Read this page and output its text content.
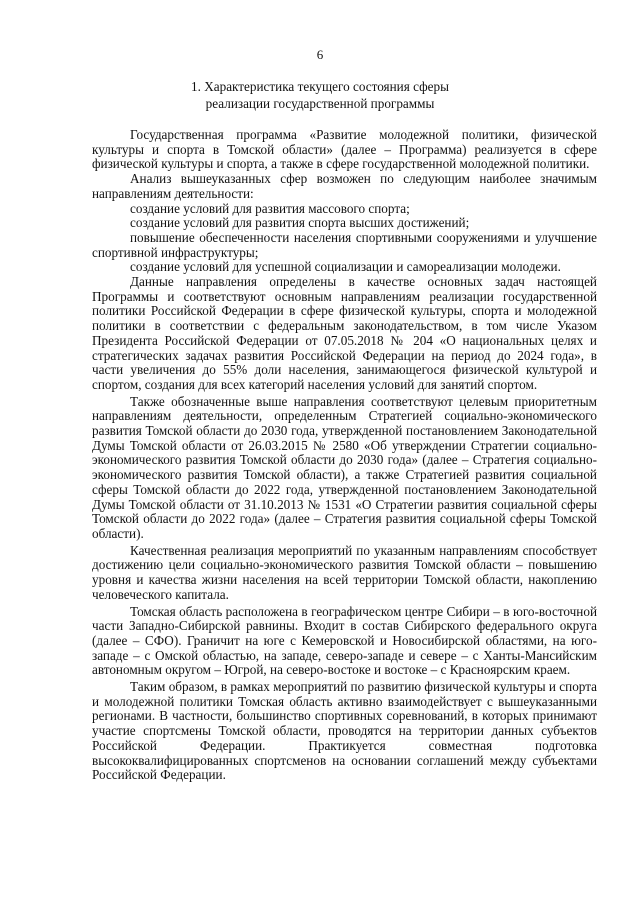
6
1. Характеристика текущего состояния сферы
реализации государственной программы

Государственная программа «Развитие молодежной политики, физической культуры и спорта в Томской области» (далее – Программа) реализуется в сфере физической культуры и спорта, а также в сфере государственной молодежной политики.

Анализ вышеуказанных сфер возможен по следующим наиболее значимым направлениям деятельности:

создание условий для развития массового спорта;

создание условий для развития спорта высших достижений;

повышение обеспеченности населения спортивными сооружениями и улучшение спортивной инфраструктуры;

создание условий для успешной социализации и самореализации молодежи.

Данные направления определены в качестве основных задач настоящей Программы и соответствуют основным направлениям реализации государственной политики Российской Федерации в сфере физической культуры, спорта и молодежной политики в соответствии с федеральным законодательством, в том числе Указом Президента Российской Федерации от 07.05.2018 № 204 «О национальных целях и стратегических задачах развития Российской Федерации на период до 2024 года», в части увеличения до 55% доли населения, занимающегося физической культурой и спортом, создания для всех категорий населения условий для занятий спортом.

Также обозначенные выше направления соответствуют целевым приоритетным направлениям деятельности, определенным Стратегией социально-экономического развития Томской области до 2030 года, утвержденной постановлением Законодательной Думы Томской области от 26.03.2015 № 2580 «Об утверждении Стратегии социально-экономического развития Томской области до 2030 года» (далее – Стратегия социально-экономического развития Томской области), а также Стратегией развития социальной сферы Томской области до 2022 года, утвержденной постановлением Законодательной Думы Томской области от 31.10.2013 № 1531 «О Стратегии развития социальной сферы Томской области до 2022 года» (далее – Стратегия развития социальной сферы Томской области).

Качественная реализация мероприятий по указанным направлениям способствует достижению цели социально-экономического развития Томской области – повышению уровня и качества жизни населения на всей территории Томской области, накоплению человеческого капитала.

Томская область расположена в географическом центре Сибири – в юго-восточной части Западно-Сибирской равнины. Входит в состав Сибирского федерального округа (далее – СФО). Граничит на юге с Кемеровской и Новосибирской областями, на юго-западе – с Омской областью, на западе, северо-западе и севере – с Ханты-Мансийским автономным округом – Югрой, на северо-востоке и востоке – с Красноярским краем.

Таким образом, в рамках мероприятий по развитию физической культуры и спорта и молодежной политики Томская область активно взаимодействует с вышеуказанными регионами. В частности, большинство спортивных соревнований, в которых принимают участие спортсмены Томской области, проводятся на территории данных субъектов Российской Федерации. Практикуется совместная подготовка высококвалифицированных спортсменов на основании соглашений между субъектами Российской Федерации.
